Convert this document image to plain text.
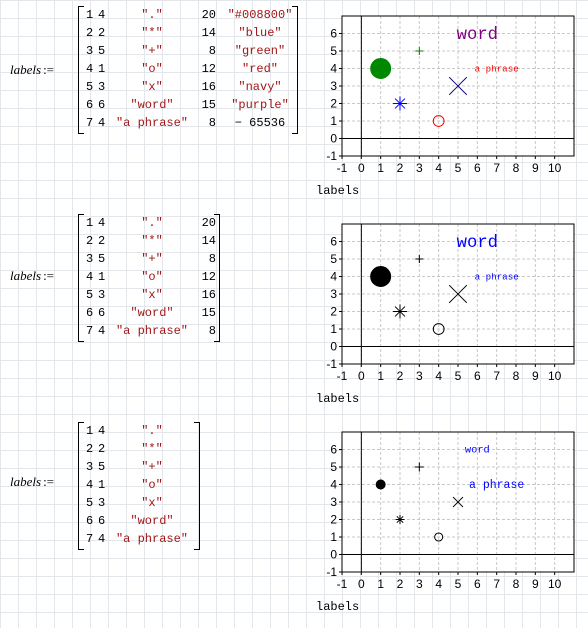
labels :=
1 4	"."	20 "#008800"
2 2	"*"	14	"blue"
3 5	"+"	8	"green"
4 1	"o"	12	"red"
5 3	"x"	16	"navy"
6 6	"word"	15	"purple"
7 4 "a phrase"	8	− 65536
-1
0
1
2
3
4
5
6
-1 0 1 2 3 4 5 6 7 8 9 10
word
a phrase
labels
labels :=
1 4	"."	20
2 2	"*"	14
3 5	"+"	8
4 1	"o"	12
5 3	"x"	16
6 6	"word"	15
7 4 "a phrase"	8
-1
0
1
2
3
4
5
6
-1 0 1 2 3 4 5 6 7 8 9 10
word
a phrase
labels
labels :=
1 4	"."
2 2	"*"
3 5	"+"
4 1	"o"
5 3	"x"
6 6	"word"
7 4 "a phrase"
-1
0
1
2
3
4
5
6
-1 0 1 2 3 4 5 6 7 8 9 10
word
a phrase
labels
